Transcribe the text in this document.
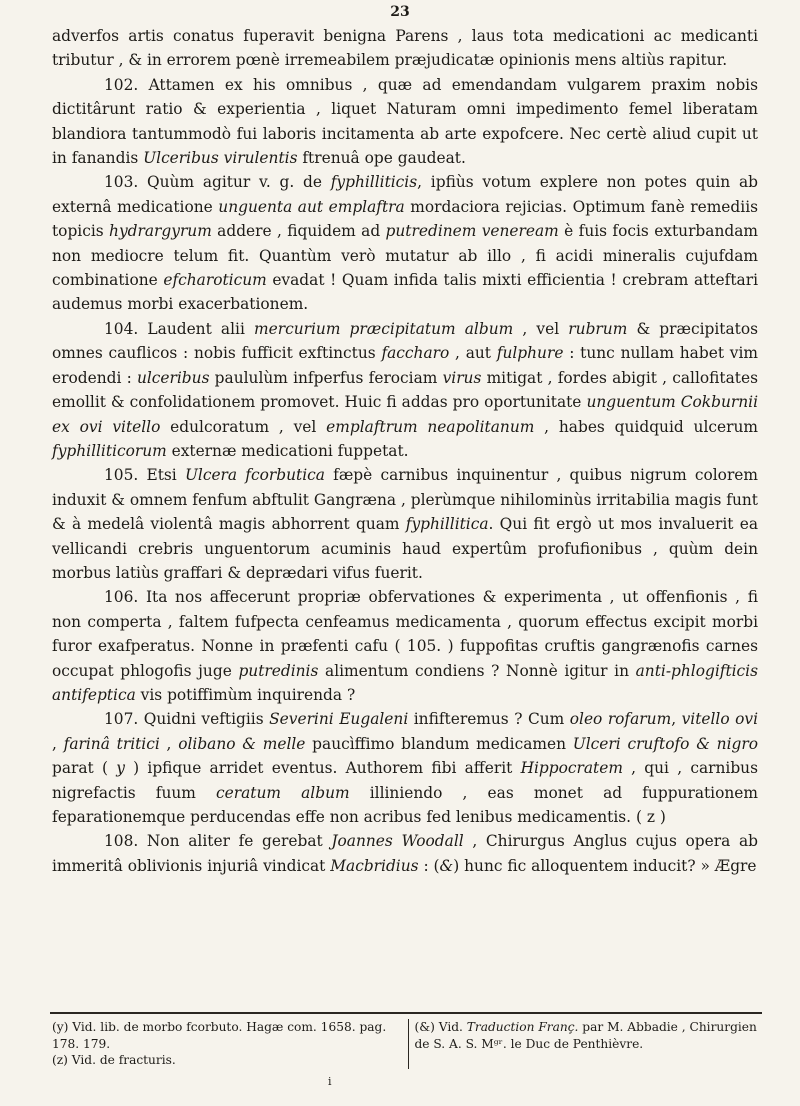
23

adverfos artis conatus fuperavit benigna Parens , laus tota medicationi ac medicanti tributur , & in errorem pœnè irremeabilem præjudicatæ opinionis mens altiùs rapitur.

102. Attamen ex his omnibus , quæ ad emendandam vulgarem praxim nobis dictitârunt ratio & experientia , liquet Naturam omni impedimento femel liberatam blandiora tantummodò fui laboris incitamenta ab arte expofcere. Nec certè aliud cupit ut in fanandis Ulceribus virulentis ftrenuâ ope gaudeat.

103. Quùm agitur v. g. de fyphilliticis, ipfiùs votum explere non potes quin ab externâ medicatione unguenta aut emplaftra mordaciora rejicias. Optimum fanè remediis topicis hydrargyrum addere , fiquidem ad putredinem veneream è fuis focis exturbandam non mediocre telum fit. Quantùm verò mutatur ab illo , fi acidi mineralis cujufdam combinatione efcharoticum evadat ! Quam infida talis mixti efficientia ! crebram atteftari audemus morbi exacerbationem.

104. Laudent alii mercurium præcipitatum album , vel rubrum & præcipitatos omnes cauflicos : nobis fufficit exftinctus faccharo , aut fulphure : tunc nullam habet vim erodendi : ulceribus paululùm infperfus ferociam virus mitigat , fordes abigit , callofitates emollit & confolidationem promovet. Huic fi addas pro oportunitate unguentum Cokburnii ex ovi vitello edulcoratum , vel emplaftrum neapolitanum , habes quidquid ulcerum fyphilliticorum externæ medicationi fuppetat.

105. Etsi Ulcera fcorbutica fæpè carnibus inquinentur , quibus nigrum colorem induxit & omnem fenfum abftulit Gangræna , plerùmque nihilominùs irritabilia magis funt & à medelâ violentâ magis abhorrent quam fyphillitica. Qui fit ergò ut mos invaluerit ea vellicandi crebris unguentorum acuminis haud expertûm profufionibus , quùm dein morbus latiùs graffari & deprædari vifus fuerit.

106. Ita nos affecerunt propriæ obfervationes & experimenta , ut offenfionis , fi non comperta , faltem fufpecta cenfeamus medicamenta , quorum effectus excipit morbi furor exafperatus. Nonne in præfenti cafu ( 105. ) fuppofitas cruftis gangrænofis carnes occupat phlogofis juge putredinis alimentum condiens ? Nonnè igitur in anti-phlogifticis antifepticа vis potiffimùm inquirenda ?

107. Quidni veftigiis Severini Eugaleni infifteremus ? Cum oleo rofarum, vitello ovi , farinâ tritici , olibano & melle paucìffimo blandum medicamen Ulceri cruftofo & nigro parat ( y ) ipfique arridet eventus. Authorem fibi afferit Hippocratem , qui , carnibus nigrefactis fuum ceratum album illiniendo , eas monet ad fuppurationem feparationemque perducendas effe non acribus fed lenibus medicamentis. ( z )

108. Non aliter fe gerebat Joannes Woodall , Chirurgus Anglus cujus opera ab immeritâ oblivionis injuriâ vindicat Macbridius : (&) hunc fic alloquentem inducit? » Ægre

(y) Vid. lib. de morbo fcorbuto. Hagæ com. 1658. pag. 178. 179.

(z) Vid. de fracturis.

(&) Vid. Traduction Franç. par M. Abbadie , Chirurgien de S. A. S. Mᵍʳ. le Duc de Penthièvre.

i
